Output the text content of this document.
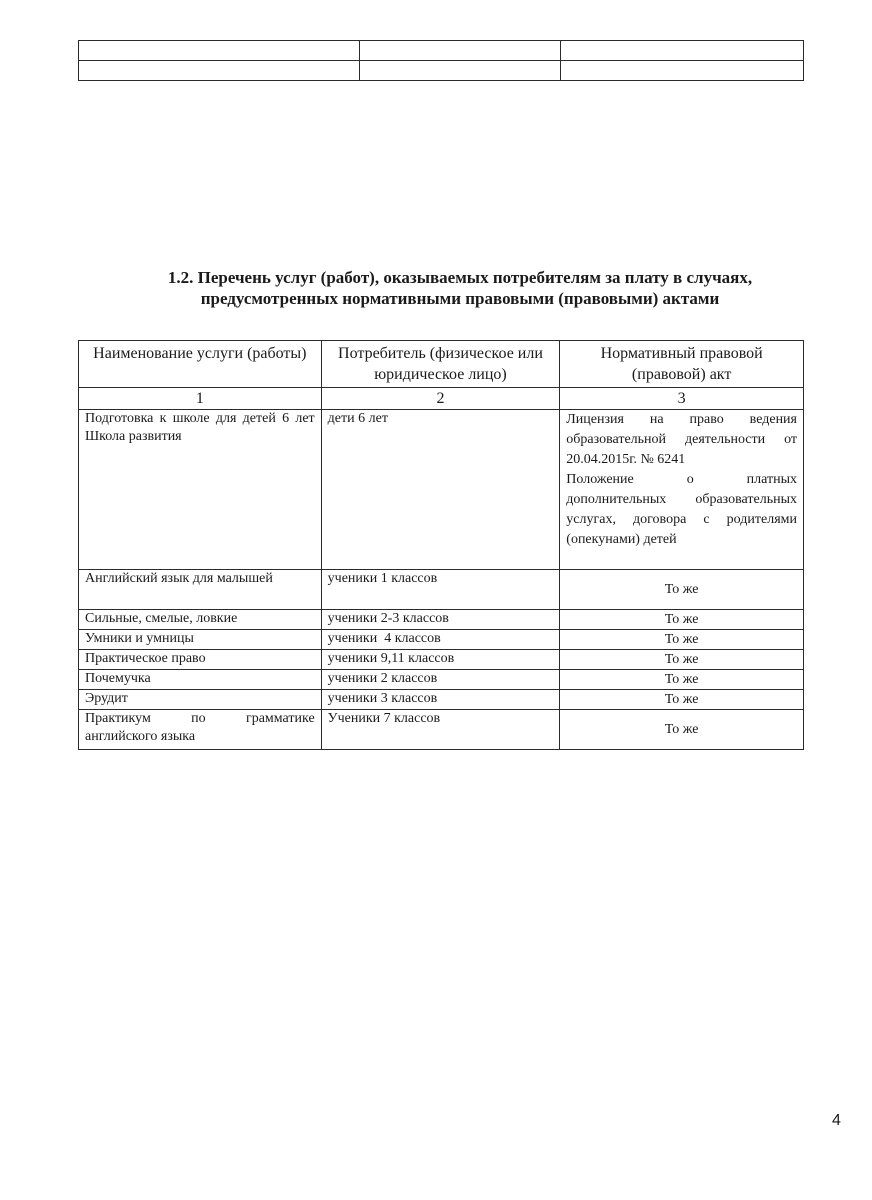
1.2. Перечень услуг (работ), оказываемых потребителям за плату в случаях,
предусмотренных нормативными правовыми (правовыми) актами
Наименование услуги (работы)	Потребитель (физическое или юридическое лицо)	Нормативный правовой (правовой) акт
1	2	3
Подготовка к школе для детей 6 лет Школа развития	дети 6 лет	Лицензия на право ведения образовательной деятельности от 20.04.2015г. № 6241
Положение о платных дополнительных образовательных услугах, договора с родителями (опекунами) детей

Английский язык для малышей	ученики 1 классов	То же
Сильные, смелые, ловкие	ученики 2-3 классов	То же
Умники и умницы	ученики  4 классов	То же
Практическое право	ученики 9,11 классов	То же
Почемучка	ученики 2 классов	То же
Эрудит	ученики 3 классов	То же
Практикум по грамматике английского языка	Ученики 7 классов	То же
4
